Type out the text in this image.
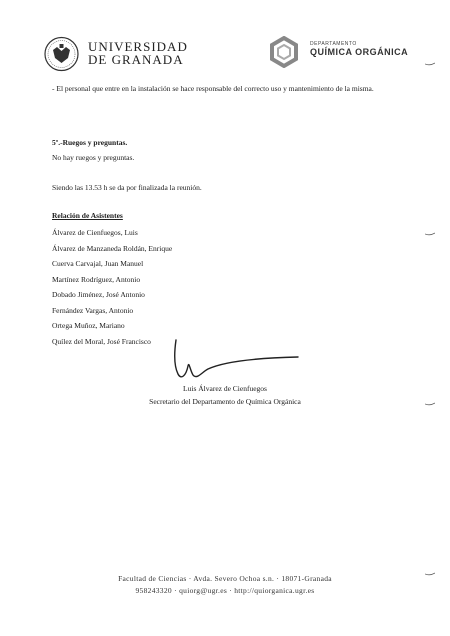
UNIVERSIDAD
DE GRANADA
DEPARTAMENTO
QUÍMICA ORGÁNICA
- El personal que entre en la instalación se hace responsable del correcto uso y mantenimiento de la misma.
5º.-Ruegos y preguntas.
No hay ruegos y preguntas.
Siendo las 13.53 h se da por finalizada la reunión.
Relación de Asistentes
Álvarez de Cienfuegos, Luis
Álvarez de Manzaneda Roldán, Enrique
Cuerva Carvajal, Juan Manuel
Martínez Rodríguez, Antonio
Dobado Jiménez, José Antonio
Fernández Vargas, Antonio
Ortega Muñoz, Mariano
Quílez del Moral, José Francisco
Luis Álvarez de Cienfuegos
Secretario del Departamento de Química Orgánica
Facultad de Ciencias · Avda. Severo Ochoa s.n. · 18071-Granada
958243320 · quiorg@ugr.es · http://quiorganica.ugr.es
